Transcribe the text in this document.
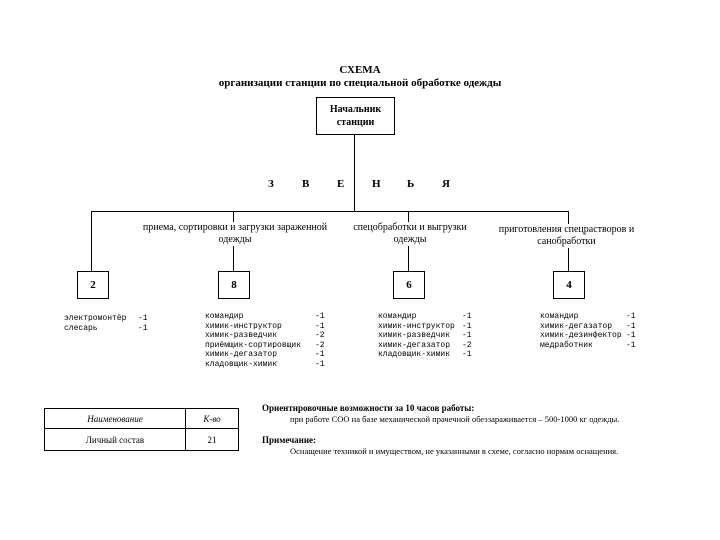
СХЕМА
организации станции по специальной обработке одежды
Начальник станции
З	В	Е	Н Ь	Я
приема, сортировки и загрузки зараженной одежды
спецобработки и выгрузки одежды
приготовления спецрастворов и санобработки
2	8	6	4
электромонтёр -1
слесарь	-1
командир	-1
химик-инструктор	-1
химик-разведчик	-2
приёмщик-сортировщик -2
химик-дегазатор	-1
кладовщик-химик	-1
командир	-1
химик-инструктор -1
химик-разведчик -1
химик-дегазатор -2
кладовщик-химик -1
командир	-1
химик-дегазатор -1
химик-дезинфектор -1
медработник	-1
Наименование	К-во
Личный состав	21
Ориентировочные возможности за 10 часов работы:
при работе СОО на базе механической прачечной обеззараживается – 500-1000 кг одежды.
Примечание:
Оснащение техникой и имуществом, не указанными в схеме, согласно нормам оснащения.
